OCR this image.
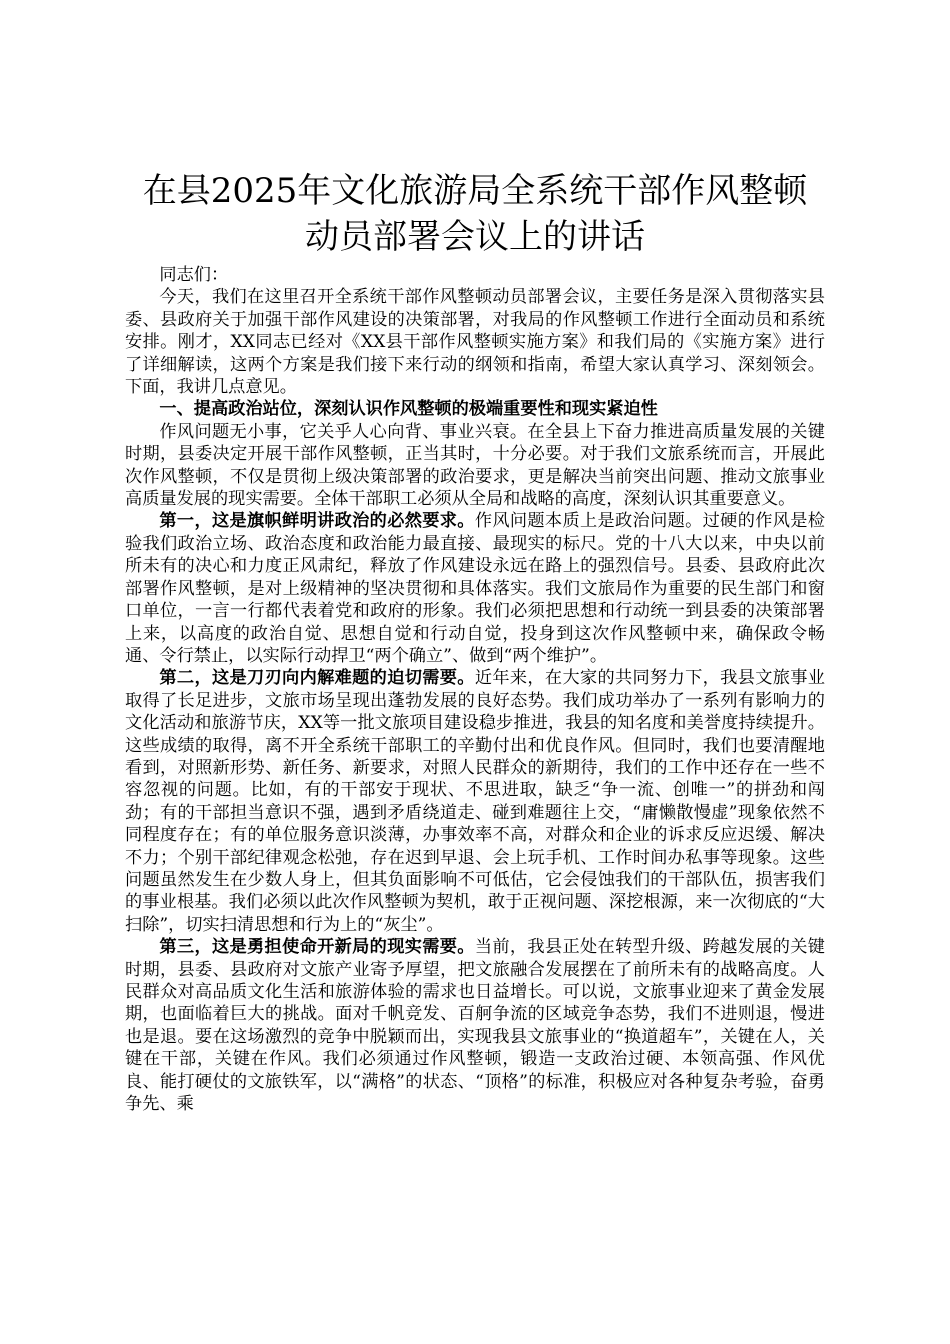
在县2025年文化旅游局全系统干部作风整顿
动员部署会议上的讲话

同志们：

今天，我们在这里召开全系统干部作风整顿动员部署会议，主要任务是深入贯彻落实县委、县政府关于加强干部作风建设的决策部署，对我局的作风整顿工作进行全面动员和系统安排。刚才，XX同志已经对《XX县干部作风整顿实施方案》和我们局的《实施方案》进行了详细解读，这两个方案是我们接下来行动的纲领和指南，希望大家认真学习、深刻领会。下面，我讲几点意见。

一、提高政治站位，深刻认识作风整顿的极端重要性和现实紧迫性

作风问题无小事，它关乎人心向背、事业兴衰。在全县上下奋力推进高质量发展的关键时期，县委决定开展干部作风整顿，正当其时，十分必要。对于我们文旅系统而言，开展此次作风整顿，不仅是贯彻上级决策部署的政治要求，更是解决当前突出问题、推动文旅事业高质量发展的现实需要。全体干部职工必须从全局和战略的高度，深刻认识其重要意义。

第一，这是旗帜鲜明讲政治的必然要求。作风问题本质上是政治问题。过硬的作风是检验我们政治立场、政治态度和政治能力最直接、最现实的标尺。党的十八大以来，中央以前所未有的决心和力度正风肃纪，释放了作风建设永远在路上的强烈信号。县委、县政府此次部署作风整顿，是对上级精神的坚决贯彻和具体落实。我们文旅局作为重要的民生部门和窗口单位，一言一行都代表着党和政府的形象。我们必须把思想和行动统一到县委的决策部署上来，以高度的政治自觉、思想自觉和行动自觉，投身到这次作风整顿中来，确保政令畅通、令行禁止，以实际行动捍卫“两个确立”、做到“两个维护”。

第二，这是刀刃向内解难题的迫切需要。近年来，在大家的共同努力下，我县文旅事业取得了长足进步，文旅市场呈现出蓬勃发展的良好态势。我们成功举办了一系列有影响力的文化活动和旅游节庆，XX等一批文旅项目建设稳步推进，我县的知名度和美誉度持续提升。这些成绩的取得，离不开全系统干部职工的辛勤付出和优良作风。但同时，我们也要清醒地看到，对照新形势、新任务、新要求，对照人民群众的新期待，我们的工作中还存在一些不容忽视的问题。比如，有的干部安于现状、不思进取，缺乏“争一流、创唯一”的拼劲和闯劲；有的干部担当意识不强，遇到矛盾绕道走、碰到难题往上交，“庸懒散慢虚”现象依然不同程度存在；有的单位服务意识淡薄，办事效率不高，对群众和企业的诉求反应迟缓、解决不力；个别干部纪律观念松弛，存在迟到早退、会上玩手机、工作时间办私事等现象。这些问题虽然发生在少数人身上，但其负面影响不可低估，它会侵蚀我们的干部队伍，损害我们的事业根基。我们必须以此次作风整顿为契机，敢于正视问题、深挖根源，来一次彻底的“大扫除”，切实扫清思想和行为上的“灰尘”。

第三，这是勇担使命开新局的现实需要。当前，我县正处在转型升级、跨越发展的关键时期，县委、县政府对文旅产业寄予厚望，把文旅融合发展摆在了前所未有的战略高度。人民群众对高品质文化生活和旅游体验的需求也日益增长。可以说，文旅事业迎来了黄金发展期，也面临着巨大的挑战。面对千帆竞发、百舸争流的区域竞争态势，我们不进则退，慢进也是退。要在这场激烈的竞争中脱颖而出，实现我县文旅事业的“换道超车”，关键在人，关键在干部，关键在作风。我们必须通过作风整顿，锻造一支政治过硬、本领高强、作风优良、能打硬仗的文旅铁军，以“满格”的状态、“顶格”的标准，积极应对各种复杂考验，奋勇争先、乘
